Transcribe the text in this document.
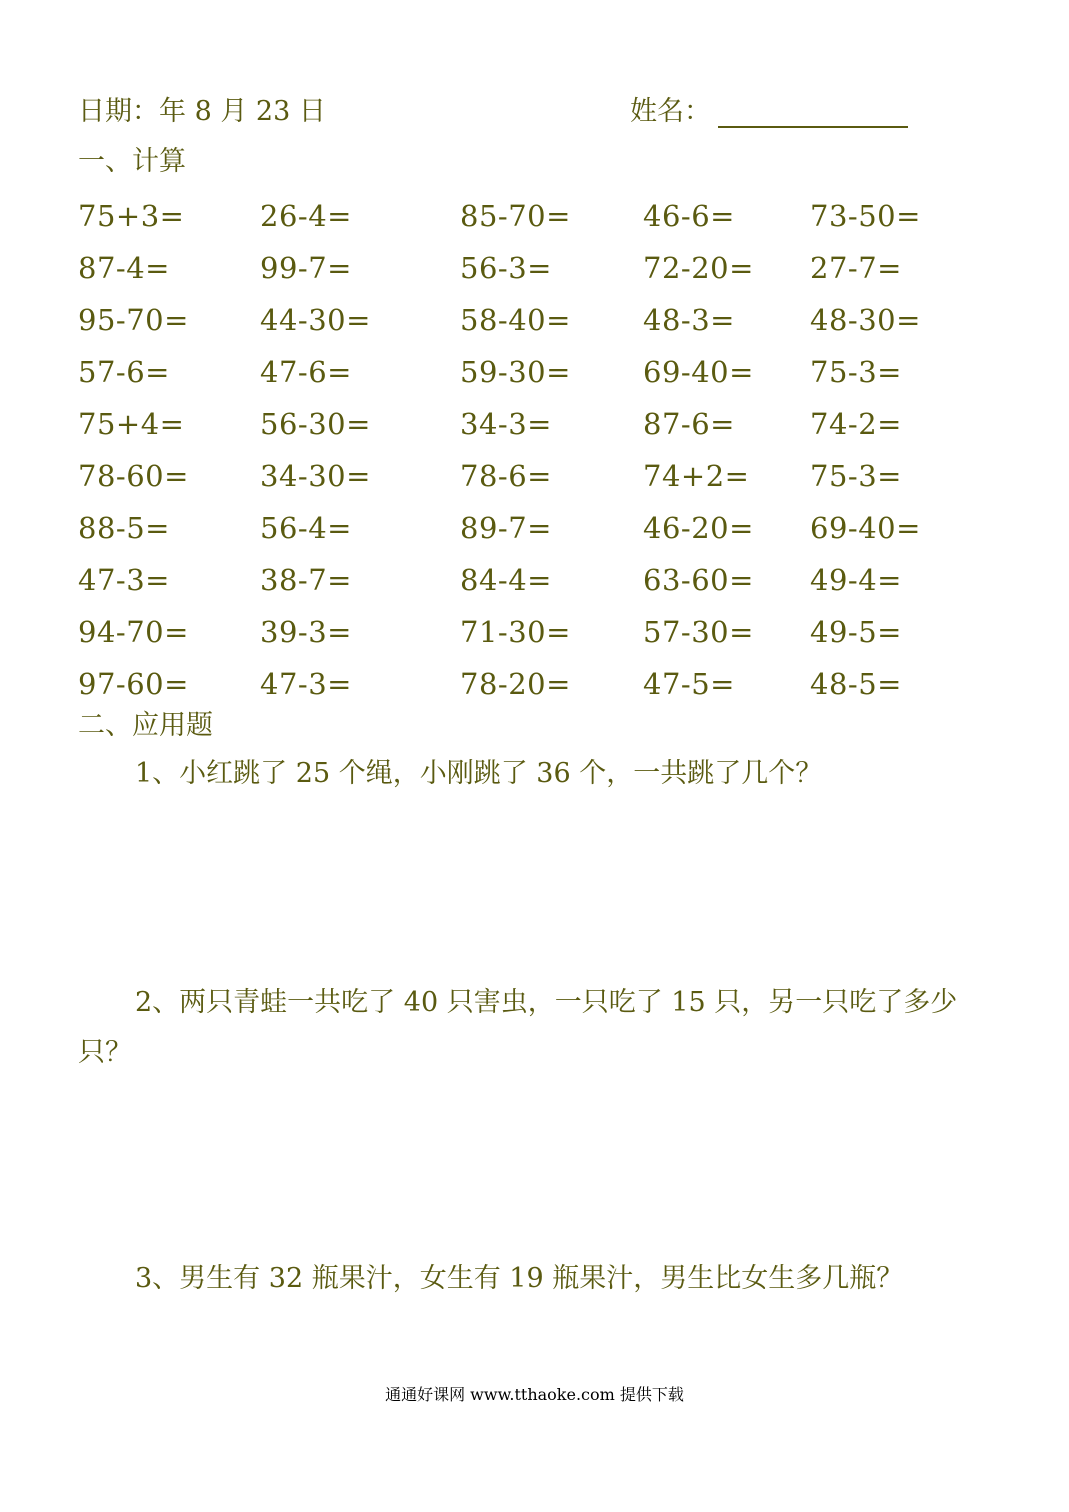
日期：年 8 月 23 日	姓名：
一、计算
75+3=	26-4=	85-70= 46-6=	73-50=
87-4=	99-7=	56-3=	72-20= 27-7=
95-70= 44-30=	58-40= 48-3=	48-30=
57-6=	47-6=	59-30= 69-40= 75-3=
75+4=	56-30=	34-3=	87-6=	74-2=
78-60= 34-30=	78-6=	74+2= 75-3=
88-5=	56-4=	89-7=	46-20= 69-40=
47-3=	38-7=	84-4=	63-60= 49-4=
94-70= 39-3=	71-30= 57-30= 49-5=
97-60= 47-3=	78-20= 47-5=	48-5=
二、应用题

1、小红跳了 25 个绳，小刚跳了 36 个，一共跳了几个？

2、两只青蛙一共吃了 40 只害虫，一只吃了 15 只，另一只吃了多少只？

3、男生有 32 瓶果汁，女生有 19 瓶果汁，男生比女生多几瓶？

通通好课网 www.tthaoke.com 提供下载
